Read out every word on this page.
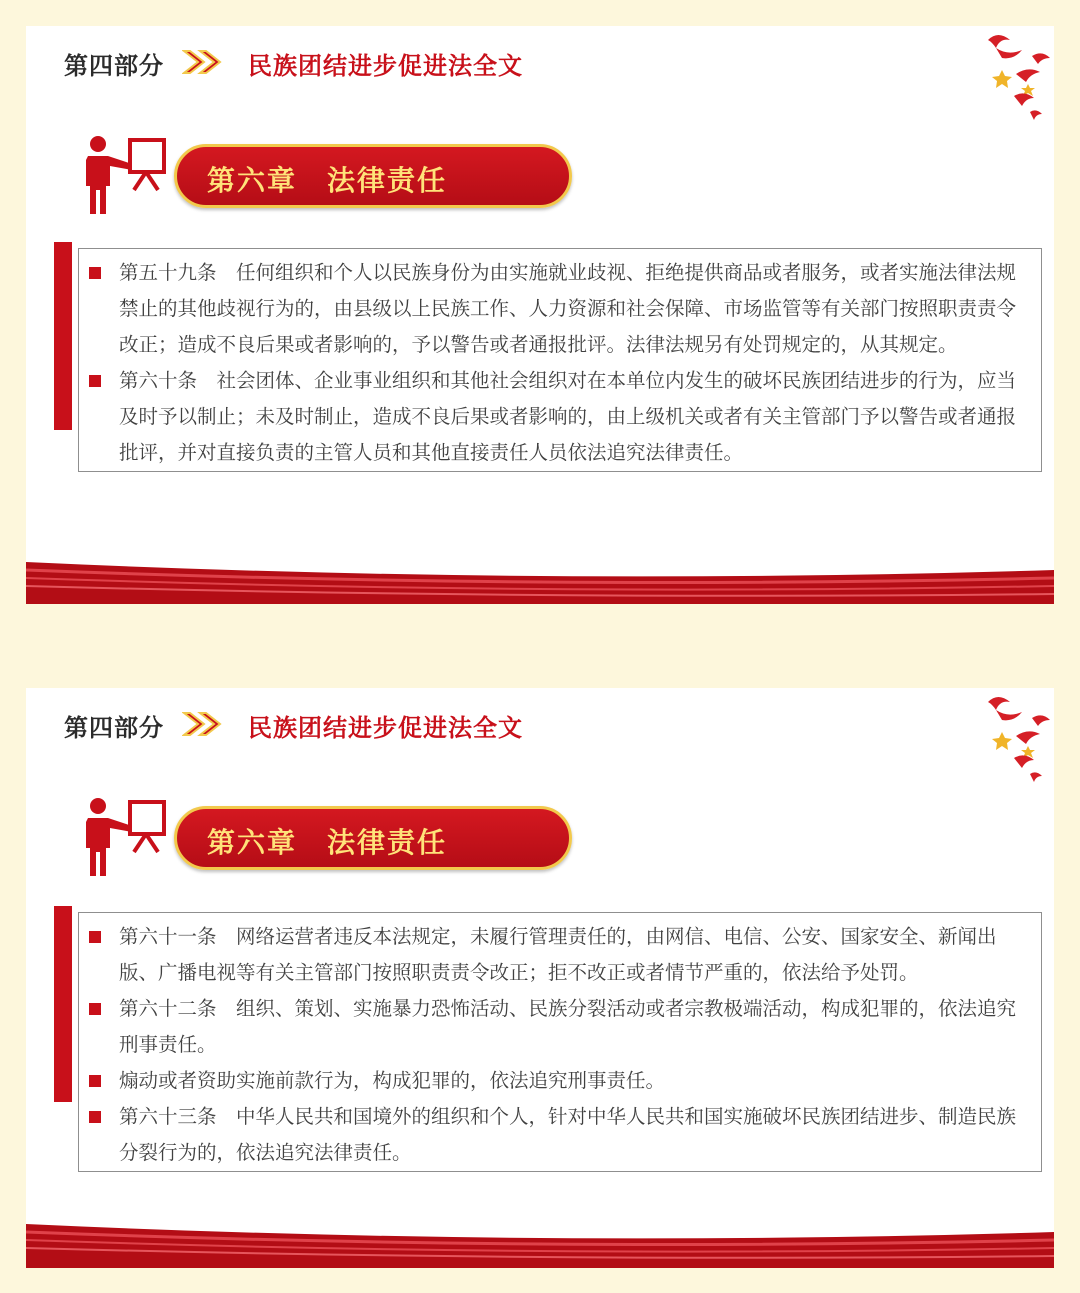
第四部分	民族团结进步促进法全文
第六章　法律责任
第五十九条　任何组织和个人以民族身份为由实施就业歧视、拒绝提供商品或者服务，或者实施法律法规禁止的其他歧视行为的，由县级以上民族工作、人力资源和社会保障、市场监管等有关部门按照职责责令改正；造成不良后果或者影响的，予以警告或者通报批评。法律法规另有处罚规定的，从其规定。
第六十条　社会团体、企业事业组织和其他社会组织对在本单位内发生的破坏民族团结进步的行为，应当及时予以制止；未及时制止，造成不良后果或者影响的，由上级机关或者有关主管部门予以警告或者通报批评，并对直接负责的主管人员和其他直接责任人员依法追究法律责任。
第四部分	民族团结进步促进法全文
第六章　法律责任
第六十一条　网络运营者违反本法规定，未履行管理责任的，由网信、电信、公安、国家安全、新闻出版、广播电视等有关主管部门按照职责责令改正；拒不改正或者情节严重的，依法给予处罚。
第六十二条　组织、策划、实施暴力恐怖活动、民族分裂活动或者宗教极端活动，构成犯罪的，依法追究刑事责任。
煽动或者资助实施前款行为，构成犯罪的，依法追究刑事责任。
第六十三条　中华人民共和国境外的组织和个人，针对中华人民共和国实施破坏民族团结进步、制造民族分裂行为的，依法追究法律责任。
